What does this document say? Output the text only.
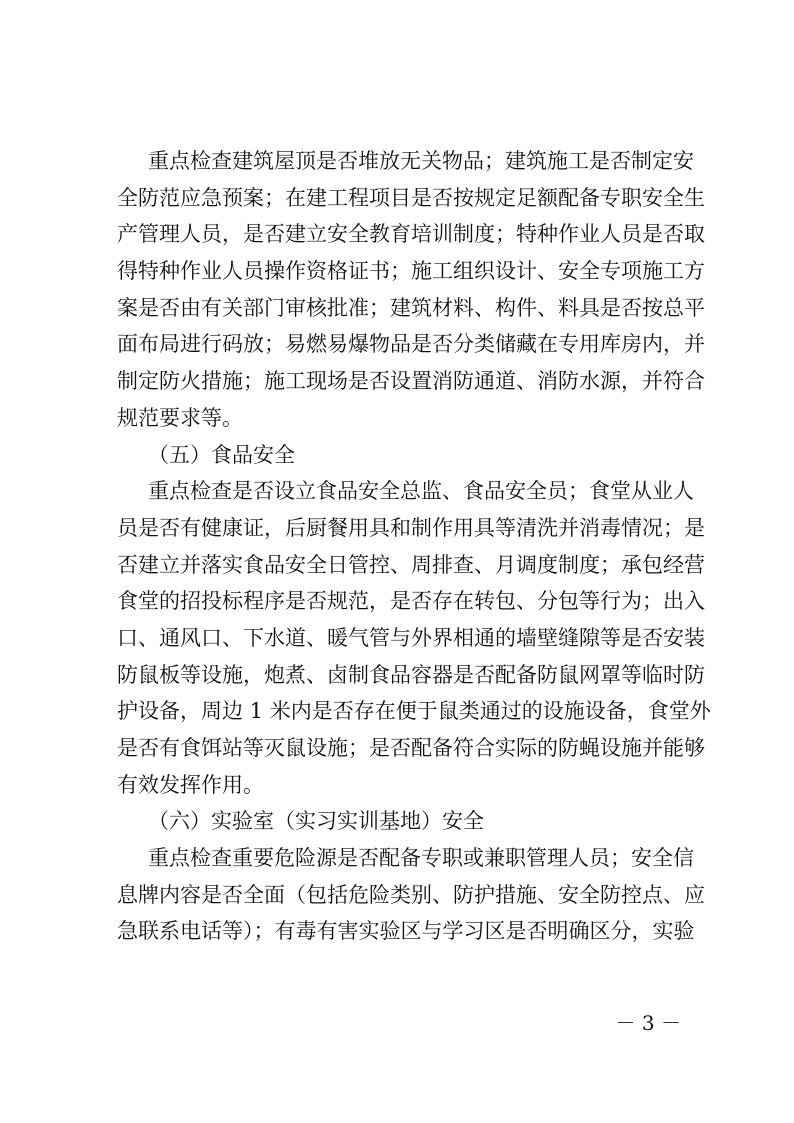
重点检查建筑屋顶是否堆放无关物品；建筑施工是否制定安
全防范应急预案；在建工程项目是否按规定足额配备专职安全生
产管理人员，是否建立安全教育培训制度；特种作业人员是否取
得特种作业人员操作资格证书；施工组织设计、安全专项施工方
案是否由有关部门审核批准；建筑材料、构件、料具是否按总平
面布局进行码放；易燃易爆物品是否分类储藏在专用库房内，并
制定防火措施；施工现场是否设置消防通道、消防水源，并符合
规范要求等。
（五）食品安全
重点检查是否设立食品安全总监、食品安全员；食堂从业人
员是否有健康证，后厨餐用具和制作用具等清洗并消毒情况；是
否建立并落实食品安全日管控、周排查、月调度制度；承包经营
食堂的招投标程序是否规范，是否存在转包、分包等行为；出入
口、通风口、下水道、暖气管与外界相通的墙壁缝隙等是否安装
防鼠板等设施，炮煮、卤制食品容器是否配备防鼠网罩等临时防
护设备，周边 1 米内是否存在便于鼠类通过的设施设备，食堂外
是否有食饵站等灭鼠设施；是否配备符合实际的防蝇设施并能够
有效发挥作用。
（六）实验室（实习实训基地）安全
重点检查重要危险源是否配备专职或兼职管理人员；安全信
息牌内容是否全面（包括危险类别、防护措施、安全防控点、应
急联系电话等）；有毒有害实验区与学习区是否明确区分，实验
－ 3 －
